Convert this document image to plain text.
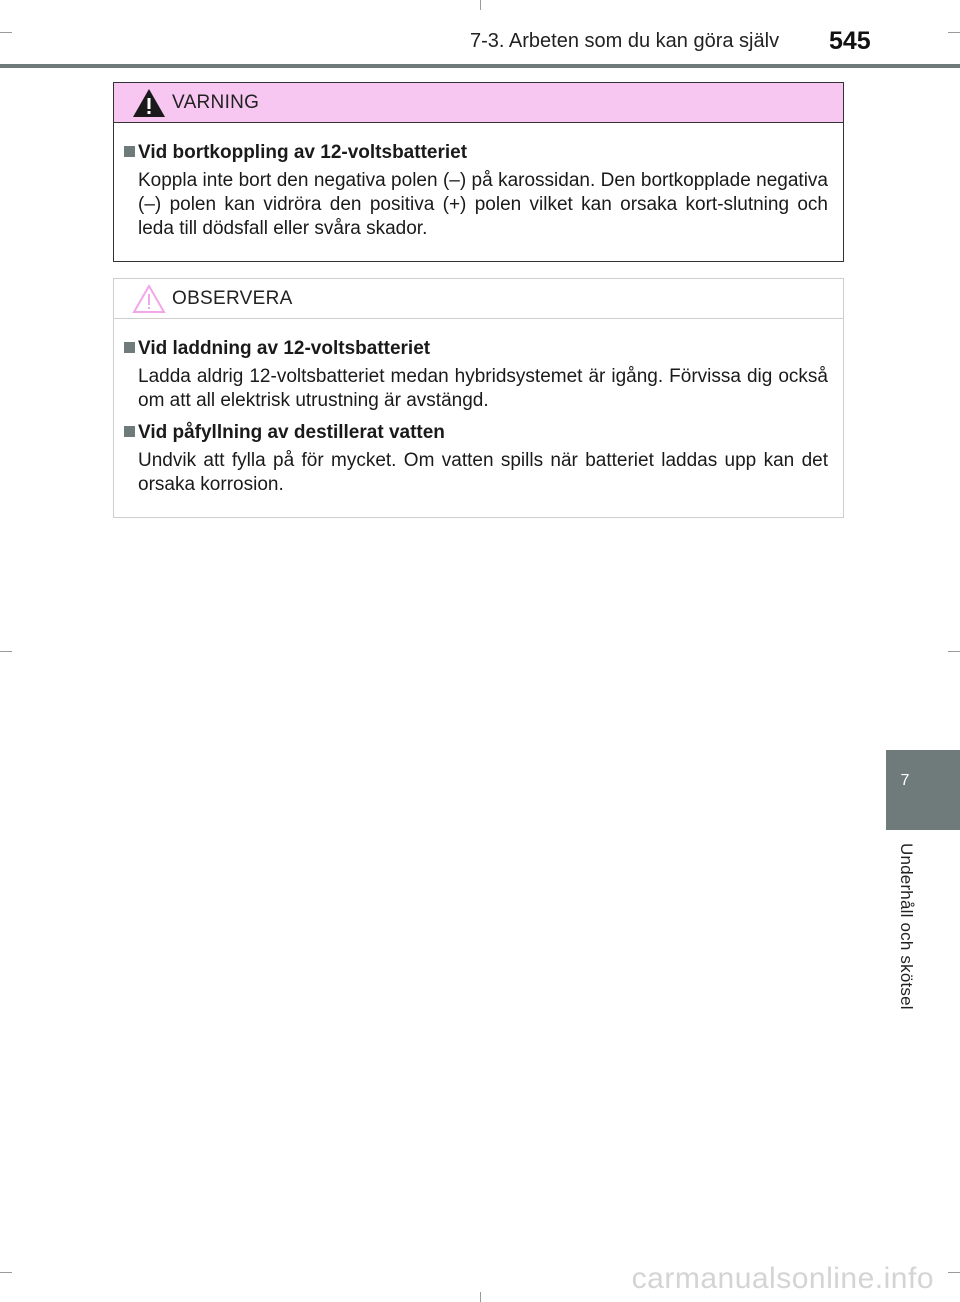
7-3. Arbeten som du kan göra själv 545
VARNING
Vid bortkoppling av 12-voltsbatteriet
Koppla inte bort den negativa polen (–) på karossidan. Den bortkopplade negativa (–) polen kan vidröra den positiva (+) polen vilket kan orsaka kort-slutning och leda till dödsfall eller svåra skador.
OBSERVERA
Vid laddning av 12-voltsbatteriet
Ladda aldrig 12-voltsbatteriet medan hybridsystemet är igång. Förvissa dig också om att all elektrisk utrustning är avstängd.
Vid påfyllning av destillerat vatten
Undvik att fylla på för mycket. Om vatten spills när batteriet laddas upp kan det orsaka korrosion.
7
Underhåll och skötsel
carmanualsonline.info
